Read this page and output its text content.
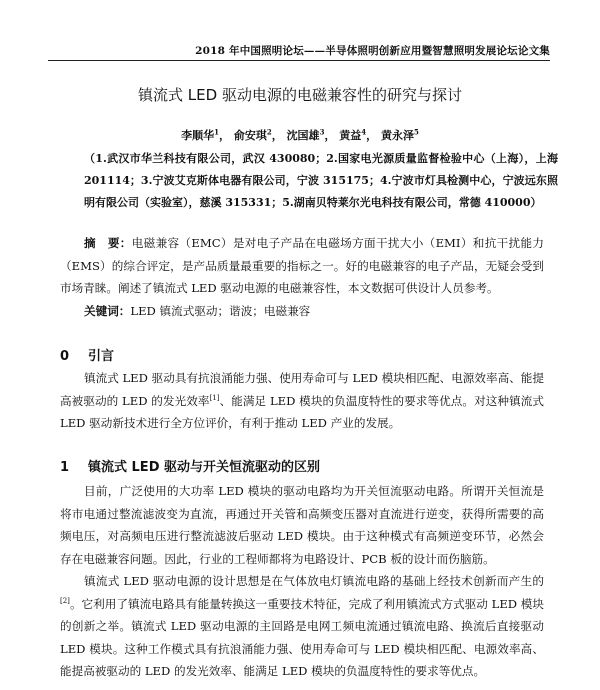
2018 年中国照明论坛——半导体照明创新应用暨智慧照明发展论坛论文集
镇流式 LED 驱动电源的电磁兼容性的研究与探讨
李顺华$^1$， 俞安琪$^2$， 沈国雄$^3$， 黄益$^4$， 黄永泽$^5$
（1.武汉市华兰科技有限公司，武汉 430080；2.国家电光源质量监督检验中心（上海），上海 201114；3.宁波艾克斯体电器有限公司，宁波 315175；4.宁波市灯具检测中心，宁波远东照明有限公司（实验室），慈溪 315331；5.湖南贝特莱尔光电科技有限公司，常德 410000）
摘　要：电磁兼容（EMC）是对电子产品在电磁场方面干扰大小（EMI）和抗干扰能力（EMS）的综合评定，是产品质量最重要的指标之一。好的电磁兼容的电子产品，无疑会受到市场青睐。阐述了镇流式 LED 驱动电源的电磁兼容性，本文数据可供设计人员参考。
关键词：LED 镇流式驱动；谐波；电磁兼容
0 引言
镇流式 LED 驱动具有抗浪涌能力强、使用寿命可与 LED 模块相匹配、电源效率高、能提高被驱动的 LED 的发光效率[1]、能满足 LED 模块的负温度特性的要求等优点。对这种镇流式 LED 驱动新技术进行全方位评价，有利于推动 LED 产业的发展。
1 镇流式 LED 驱动与开关恒流驱动的区别
目前，广泛使用的大功率 LED 模块的驱动电路均为开关恒流驱动电路。所谓开关恒流是将市电通过整流滤波变为直流，再通过开关管和高频变压器对直流进行逆变，获得所需要的高频电压，对高频电压进行整流滤波后驱动 LED 模块。由于这种模式有高频逆变环节，必然会存在电磁兼容问题。因此，行业的工程师都将为电路设计、PCB 板的设计而伤脑筋。
镇流式 LED 驱动电源的设计思想是在气体放电灯镇流电路的基础上经技术创新而产生的[2]。它利用了镇流电路具有能量转换这一重要技术特征，完成了利用镇流式方式驱动 LED 模块的创新之举。镇流式 LED 驱动电源的主回路是电网工频电流通过镇流电路、换流后直接驱动 LED 模块。这种工作模式具有抗浪涌能力强、使用寿命可与 LED 模块相匹配、电源效率高、能提高被驱动的 LED 的发光效率、能满足 LED 模块的负温度特性的要求等优点。
